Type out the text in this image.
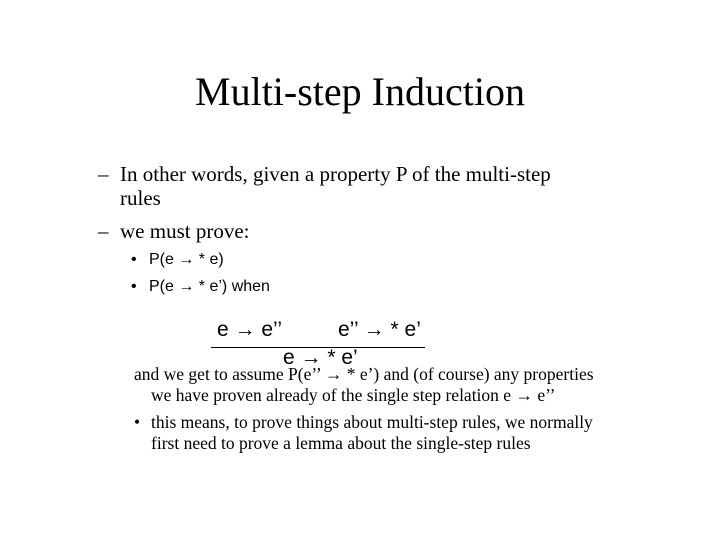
Multi-step Induction
– In other words, given a property P of the multi-step
rules
– we must prove:
• P(e → * e)
• P(e → * e’) when
e → e’’	e’’ → * e’
e → * e’
and we get to assume P(e’’ → * e’) and (of course) any properties
we have proven already of the single step relation e → e’’
• this means, to prove things about multi-step rules, we normally
first need to prove a lemma about the single-step rules
